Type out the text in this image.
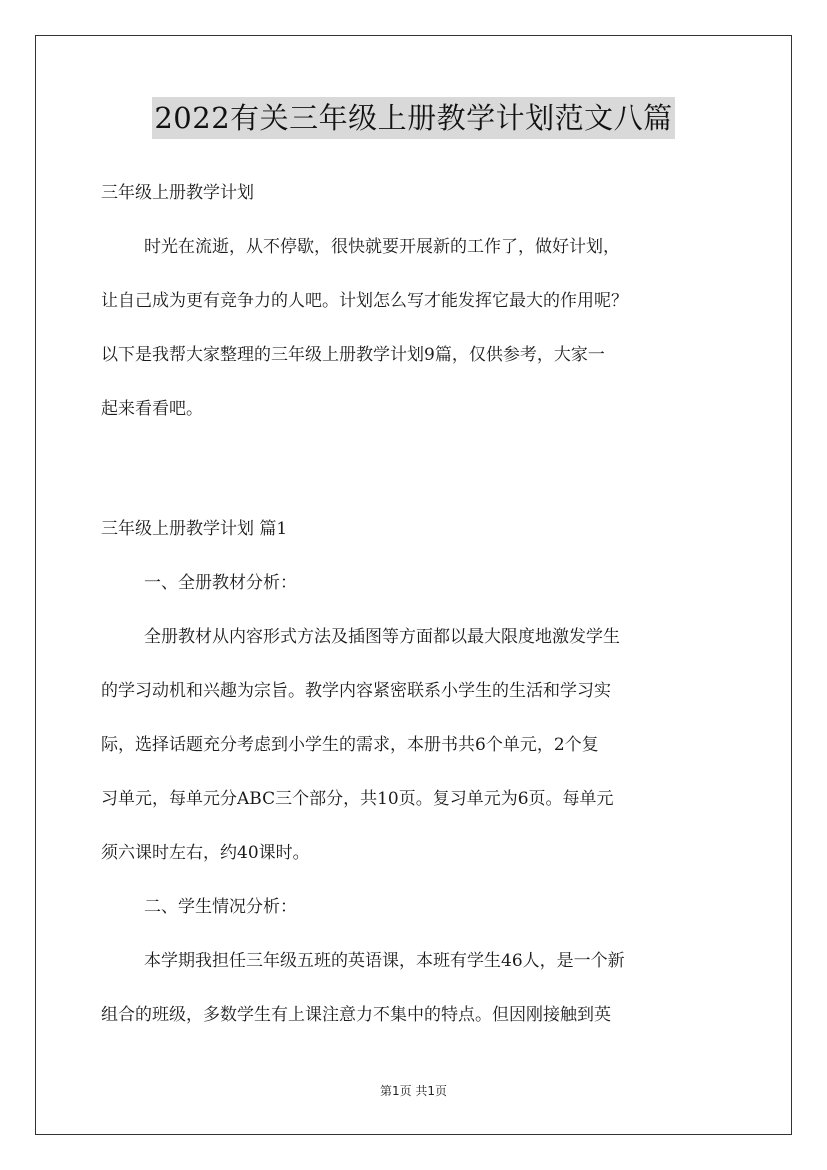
2022有关三年级上册教学计划范文八篇
三年级上册教学计划
时光在流逝，从不停歇，很快就要开展新的工作了，做好计划，
让自己成为更有竞争力的人吧。计划怎么写才能发挥它最大的作用呢？
以下是我帮大家整理的三年级上册教学计划9篇，仅供参考，大家一
起来看看吧。
三年级上册教学计划 篇1
一、全册教材分析：
全册教材从内容形式方法及插图等方面都以最大限度地激发学生
的学习动机和兴趣为宗旨。教学内容紧密联系小学生的生活和学习实
际，选择话题充分考虑到小学生的需求，本册书共6个单元，2个复
习单元，每单元分ABC三个部分，共10页。复习单元为6页。每单元
须六课时左右，约40课时。
二、学生情况分析：
本学期我担任三年级五班的英语课，本班有学生46人，是一个新
组合的班级，多数学生有上课注意力不集中的特点。但因刚接触到英
第1页 共1页
